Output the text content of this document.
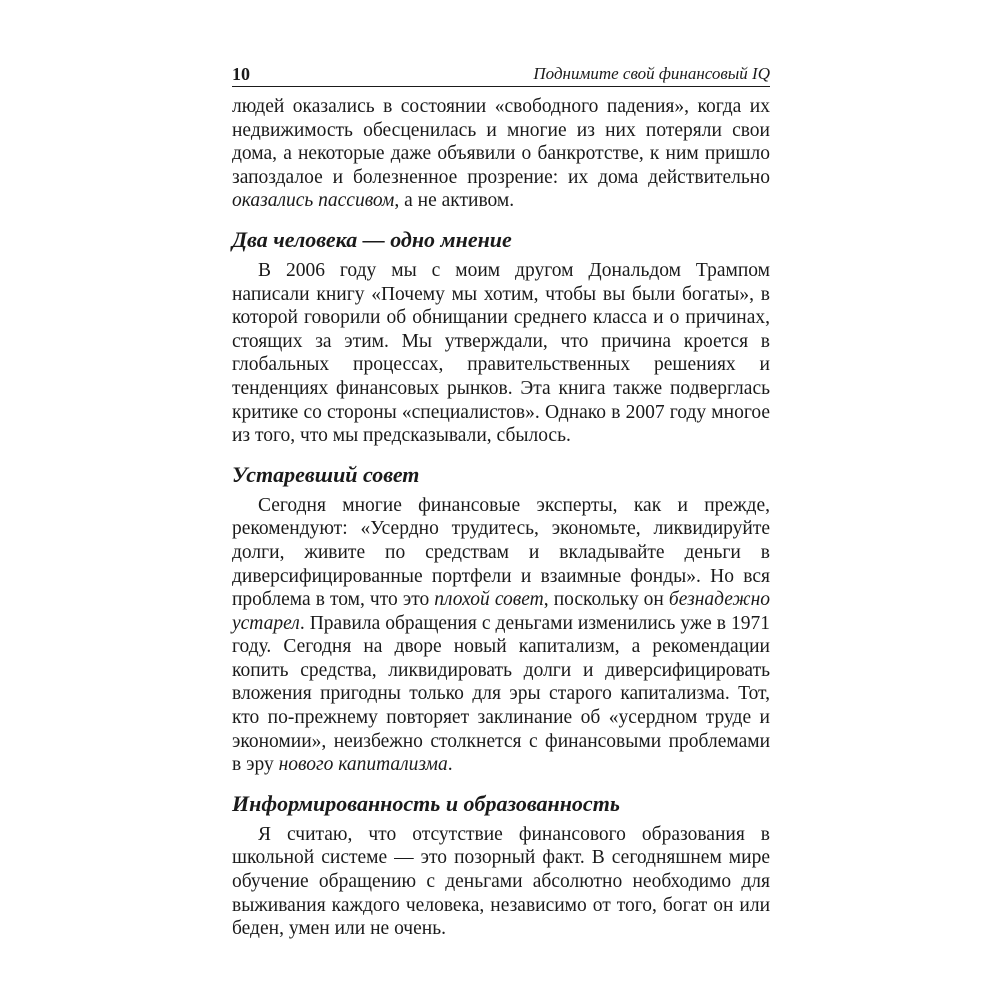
10	Поднимите свой финансовый IQ

людей оказались в состоянии «свободного падения», когда их недвижимость обесценилась и многие из них потеряли свои дома, а некоторые даже объявили о банкротстве, к ним пришло запоздалое и болезненное прозрение: их дома действительно оказались пассивом, а не активом.

Два человека — одно мнение

В 2006 году мы с моим другом Дональдом Трампом написали книгу «Почему мы хотим, чтобы вы были богаты», в которой говорили об обнищании среднего класса и о причинах, стоящих за этим. Мы утверждали, что причина кроется в глобальных процессах, правительственных решениях и тенденциях финансовых рынков. Эта книга также подверглась критике со стороны «специалистов». Однако в 2007 году многое из того, что мы предсказывали, сбылось.

Устаревший совет

Сегодня многие финансовые эксперты, как и прежде, рекомендуют: «Усердно трудитесь, экономьте, ликвидируйте долги, живите по средствам и вкладывайте деньги в диверсифицированные портфели и взаимные фонды». Но вся проблема в том, что это плохой совет, поскольку он безнадежно устарел. Правила обращения с деньгами изменились уже в 1971 году. Сегодня на дворе новый капитализм, а рекомендации копить средства, ликвидировать долги и диверсифицировать вложения пригодны только для эры старого капитализма. Тот, кто по-прежнему повторяет заклинание об «усердном труде и экономии», неизбежно столкнется с финансовыми проблемами в эру нового капитализма.

Информированность и образованность

Я считаю, что отсутствие финансового образования в школьной системе — это позорный факт. В сегодняшнем мире обучение обращению с деньгами абсолютно необходимо для выживания каждого человека, независимо от того, богат он или беден, умен или не очень.
